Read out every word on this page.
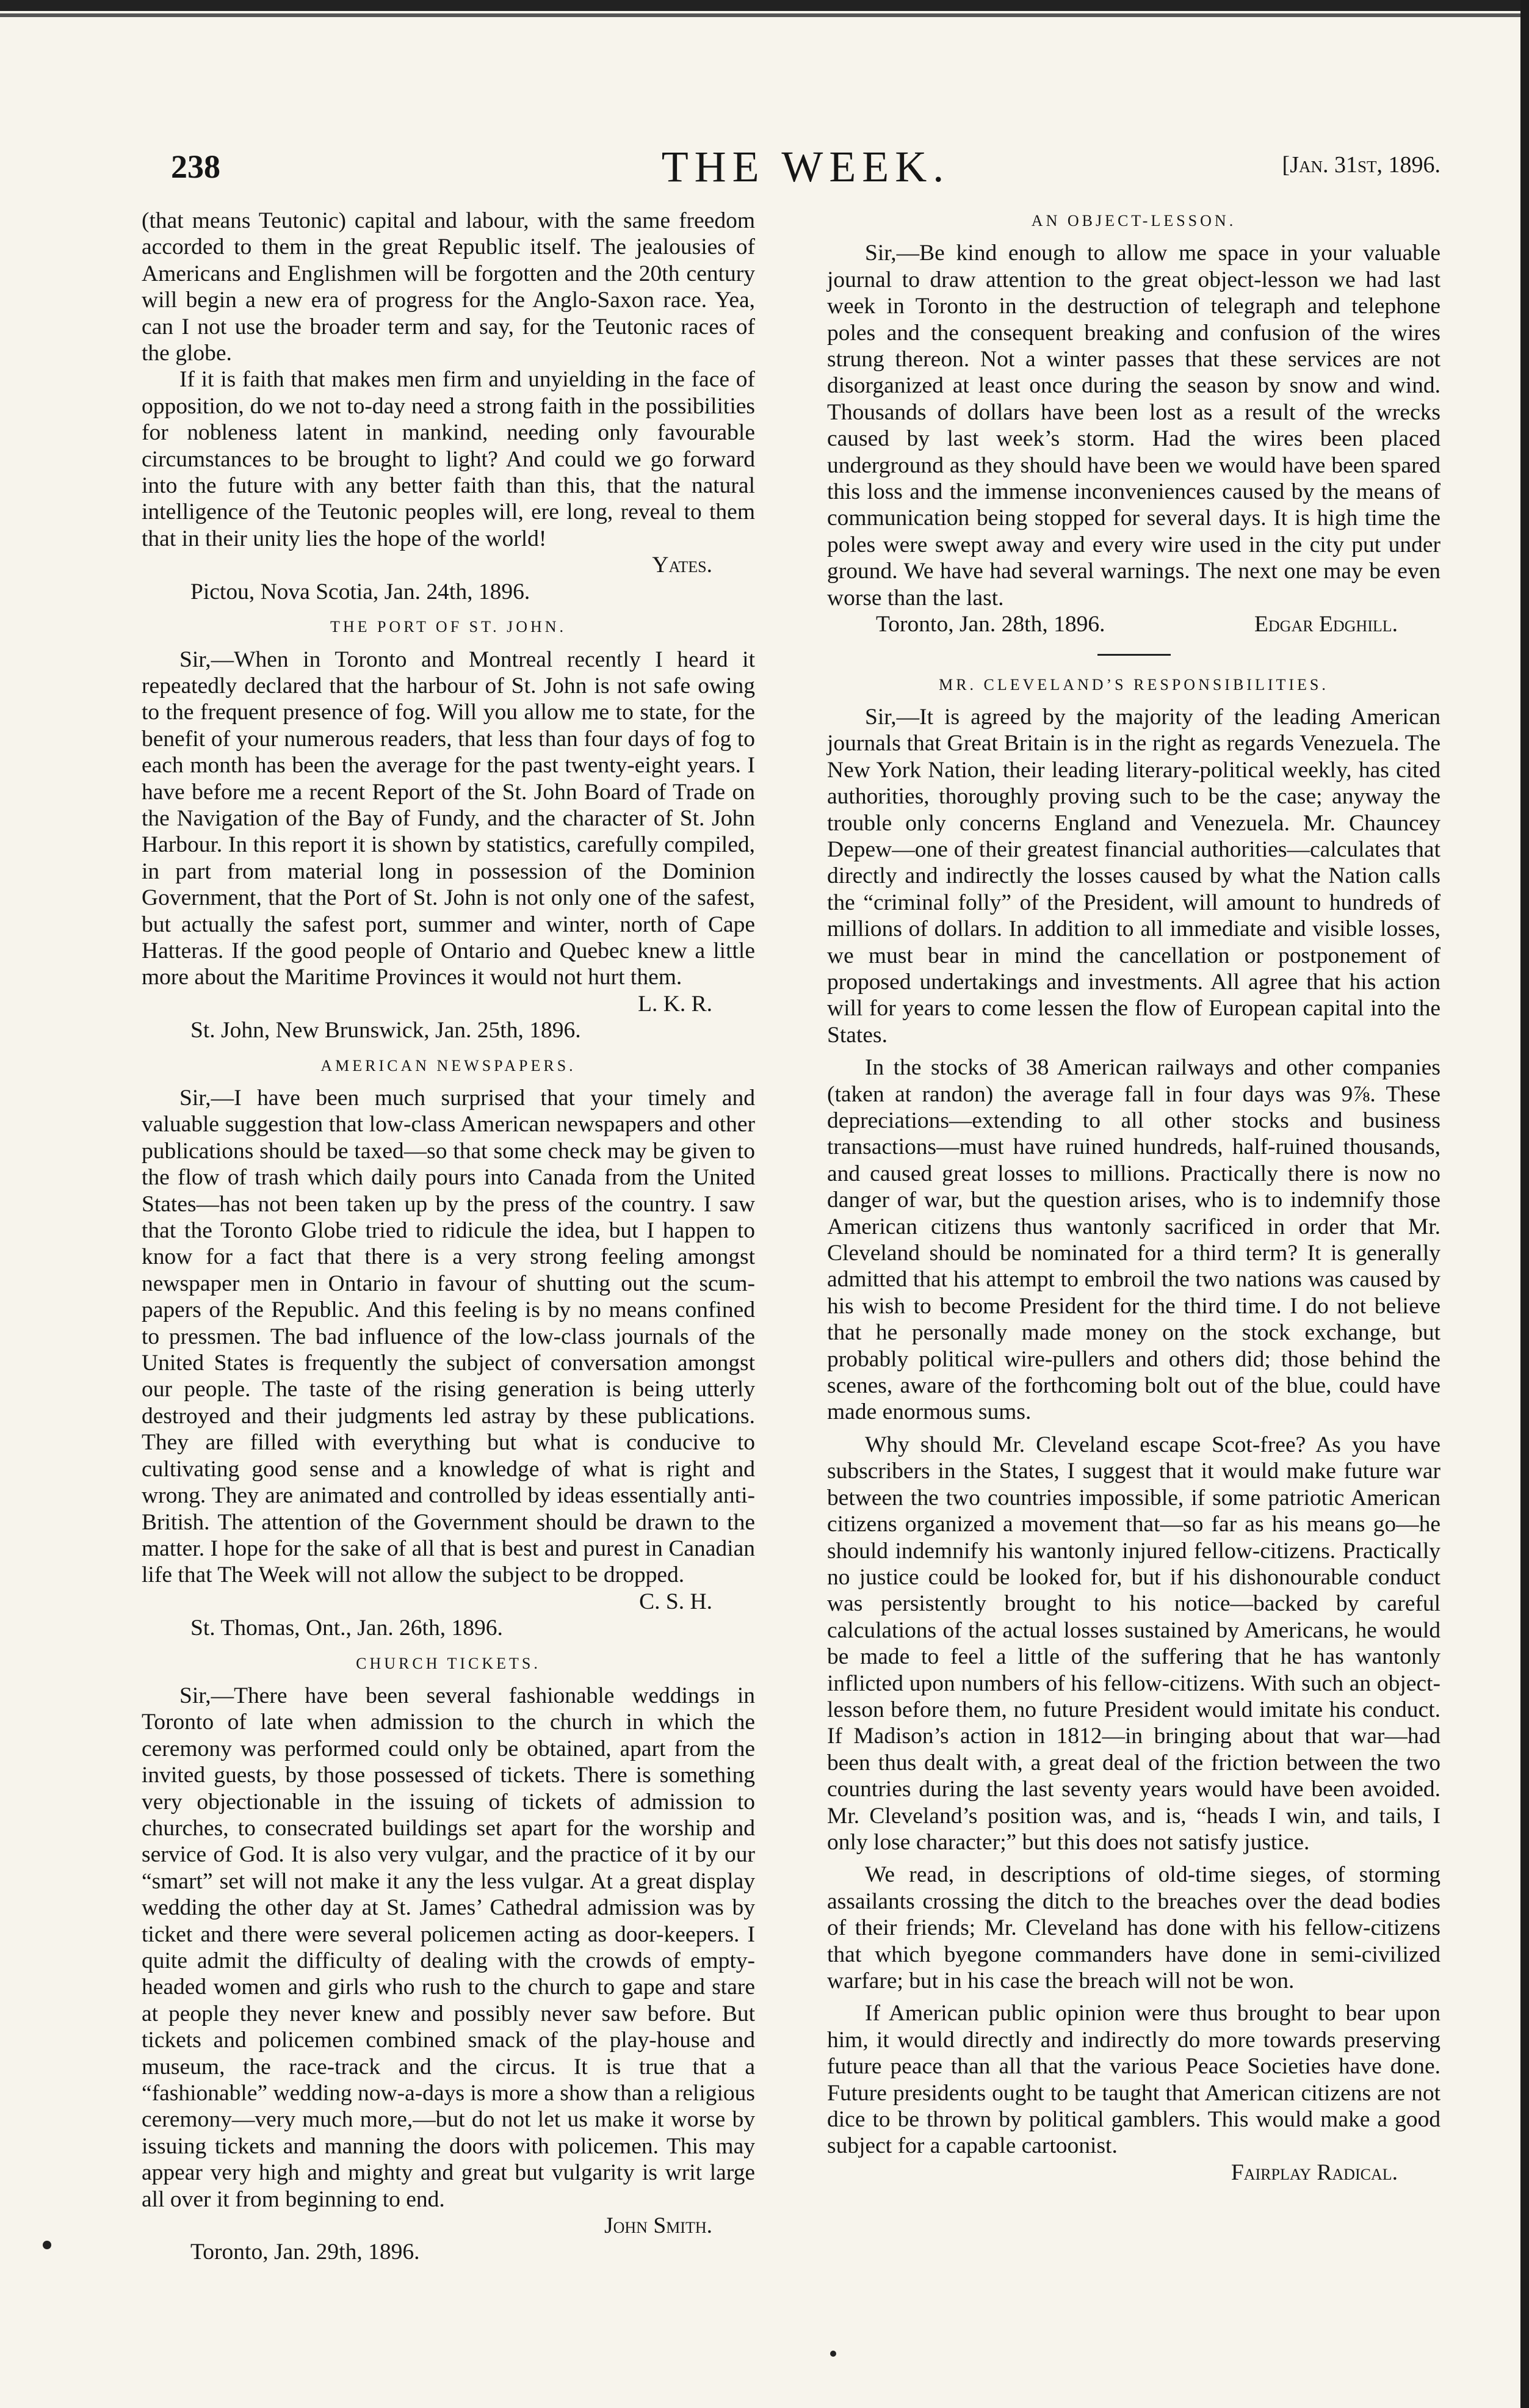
238	THE WEEK.	[Jan. 31st, 1896.

(that means Teutonic) capital and labour, with the same freedom accorded to them in the great Republic itself. The jealousies of Americans and Englishmen will be forgotten and the 20th century will begin a new era of progress for the Anglo-Saxon race. Yea, can I not use the broader term and say, for the Teutonic races of the globe.

If it is faith that makes men firm and unyielding in the face of opposition, do we not to-day need a strong faith in the possibilities for nobleness latent in mankind, needing only favourable circumstances to be brought to light? And could we go forward into the future with any better faith than this, that the natural intelligence of the Teutonic peoples will, ere long, reveal to them that in their unity lies the hope of the world!

Yates.
Pictou, Nova Scotia, Jan. 24th, 1896.
THE PORT OF ST. JOHN.

Sir,—When in Toronto and Montreal recently I heard it repeatedly declared that the harbour of St. John is not safe owing to the frequent presence of fog. Will you allow me to state, for the benefit of your numerous readers, that less than four days of fog to each month has been the average for the past twenty-eight years. I have before me a recent Report of the St. John Board of Trade on the Navigation of the Bay of Fundy, and the character of St. John Harbour. In this report it is shown by statistics, carefully compiled, in part from material long in possession of the Dominion Government, that the Port of St. John is not only one of the safest, but actually the safest port, summer and winter, north of Cape Hatteras. If the good people of Ontario and Quebec knew a little more about the Maritime Provinces it would not hurt them.

L. K. R.
St. John, New Brunswick, Jan. 25th, 1896.
AMERICAN NEWSPAPERS.

Sir,—I have been much surprised that your timely and valuable suggestion that low-class American newspapers and other publications should be taxed—so that some check may be given to the flow of trash which daily pours into Canada from the United States—has not been taken up by the press of the country. I saw that the Toronto Globe tried to ridicule the idea, but I happen to know for a fact that there is a very strong feeling amongst newspaper men in Ontario in favour of shutting out the scum-papers of the Republic. And this feeling is by no means confined to pressmen. The bad influence of the low-class journals of the United States is frequently the subject of conversation amongst our people. The taste of the rising generation is being utterly destroyed and their judgments led astray by these publications. They are filled with everything but what is conducive to cultivating good sense and a knowledge of what is right and wrong. They are animated and controlled by ideas essentially anti-British. The attention of the Government should be drawn to the matter. I hope for the sake of all that is best and purest in Canadian life that The Week will not allow the subject to be dropped.

C. S. H.
St. Thomas, Ont., Jan. 26th, 1896.
CHURCH TICKETS.

Sir,—There have been several fashionable weddings in Toronto of late when admission to the church in which the ceremony was performed could only be obtained, apart from the invited guests, by those possessed of tickets. There is something very objectionable in the issuing of tickets of admission to churches, to consecrated buildings set apart for the worship and service of God. It is also very vulgar, and the practice of it by our “smart” set will not make it any the less vulgar. At a great display wedding the other day at St. James’ Cathedral admission was by ticket and there were several policemen acting as door-keepers. I quite admit the difficulty of dealing with the crowds of empty-headed women and girls who rush to the church to gape and stare at people they never knew and possibly never saw before. But tickets and policemen combined smack of the play-house and museum, the race-track and the circus. It is true that a “fashionable” wedding now-a-days is more a show than a religious ceremony—very much more,—but do not let us make it worse by issuing tickets and manning the doors with policemen. This may appear very high and mighty and great but vulgarity is writ large all over it from beginning to end.

John Smith.
Toronto, Jan. 29th, 1896.
AN OBJECT-LESSON.

Sir,—Be kind enough to allow me space in your valuable journal to draw attention to the great object-lesson we had last week in Toronto in the destruction of telegraph and telephone poles and the consequent breaking and confusion of the wires strung thereon. Not a winter passes that these services are not disorganized at least once during the season by snow and wind. Thousands of dollars have been lost as a result of the wrecks caused by last week’s storm. Had the wires been placed underground as they should have been we would have been spared this loss and the immense inconveniences caused by the means of communication being stopped for several days. It is high time the poles were swept away and every wire used in the city put under ground. We have had several warnings. The next one may be even worse than the last.

Toronto, Jan. 28th, 1896.	Edgar Edghill.
MR. CLEVELAND’S RESPONSIBILITIES.

Sir,—It is agreed by the majority of the leading American journals that Great Britain is in the right as regards Venezuela. The New York Nation, their leading literary-political weekly, has cited authorities, thoroughly proving such to be the case; anyway the trouble only concerns England and Venezuela. Mr. Chauncey Depew—one of their greatest financial authorities—calculates that directly and indirectly the losses caused by what the Nation calls the “criminal folly” of the President, will amount to hundreds of millions of dollars. In addition to all immediate and visible losses, we must bear in mind the cancellation or postponement of proposed undertakings and investments. All agree that his action will for years to come lessen the flow of European capital into the States.

In the stocks of 38 American railways and other companies (taken at randon) the average fall in four days was 9⅞. These depreciations—extending to all other stocks and business transactions—must have ruined hundreds, half-ruined thousands, and caused great losses to millions. Practically there is now no danger of war, but the question arises, who is to indemnify those American citizens thus wantonly sacrificed in order that Mr. Cleveland should be nominated for a third term? It is generally admitted that his attempt to embroil the two nations was caused by his wish to become President for the third time. I do not believe that he personally made money on the stock exchange, but probably political wire-pullers and others did; those behind the scenes, aware of the forthcoming bolt out of the blue, could have made enormous sums.

Why should Mr. Cleveland escape Scot-free? As you have subscribers in the States, I suggest that it would make future war between the two countries impossible, if some patriotic American citizens organized a movement that—so far as his means go—he should indemnify his wantonly injured fellow-citizens. Practically no justice could be looked for, but if his dishonourable conduct was persistently brought to his notice—backed by careful calculations of the actual losses sustained by Americans, he would be made to feel a little of the suffering that he has wantonly inflicted upon numbers of his fellow-citizens. With such an object-lesson before them, no future President would imitate his conduct. If Madison’s action in 1812—in bringing about that war—had been thus dealt with, a great deal of the friction between the two countries during the last seventy years would have been avoided. Mr. Cleveland’s position was, and is, “heads I win, and tails, I only lose character;” but this does not satisfy justice.

We read, in descriptions of old-time sieges, of storming assailants crossing the ditch to the breaches over the dead bodies of their friends; Mr. Cleveland has done with his fellow-citizens that which byegone commanders have done in semi-civilized warfare; but in his case the breach will not be won.

If American public opinion were thus brought to bear upon him, it would directly and indirectly do more towards preserving future peace than all that the various Peace Societies have done. Future presidents ought to be taught that American citizens are not dice to be thrown by political gamblers. This would make a good subject for a capable cartoonist.

Fairplay Radical.
